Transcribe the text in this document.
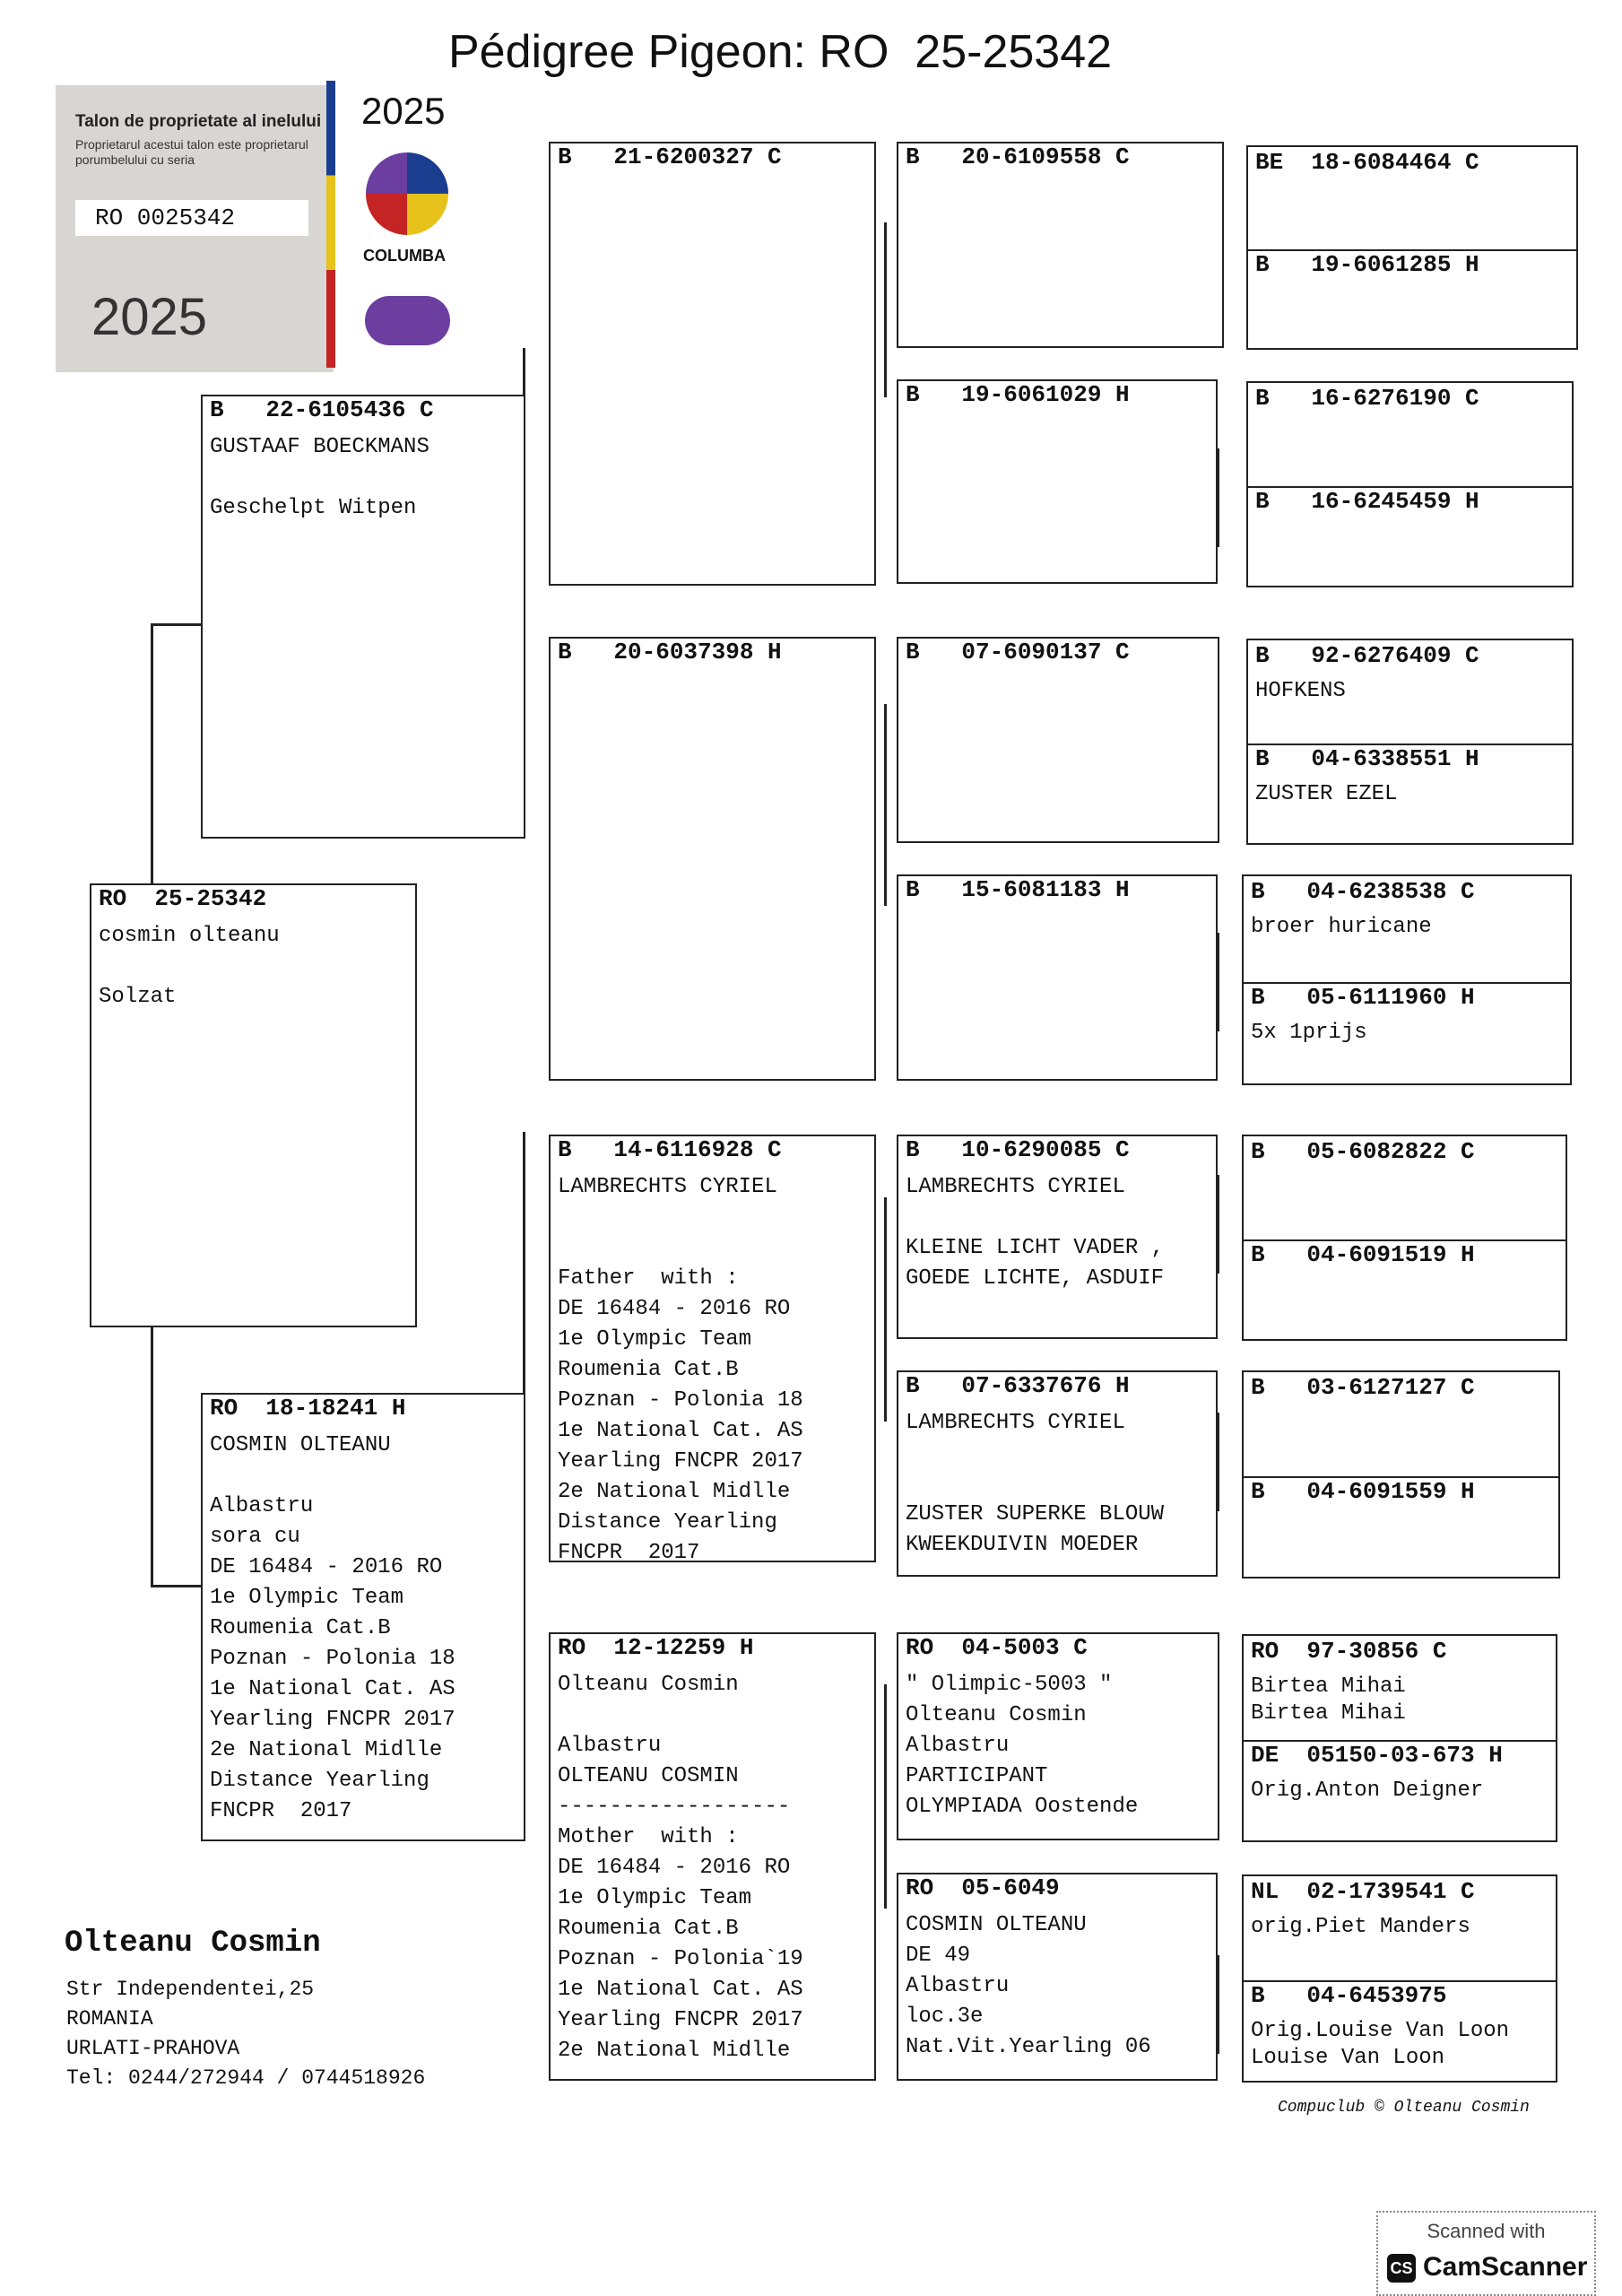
Pédigree Pigeon: RO  25-25342
Talon de proprietate al inelului
Proprietarul acestui talon este proprietarul porumbelului cu seria
RO 0025342
2025
2025
COLUMBA
RO  25-25342
cosmin olteanu
Solzat
B   22-6105436 C
GUSTAAF BOECKMANS
Geschelpt Witpen
RO  18-18241 H
COSMIN OLTEANU
Albastru
sora cu
DE 16484 - 2016 RO
1e Olympic Team
Roumenia Cat.B
Poznan - Polonia 18
1e National Cat. AS
Yearling FNCPR 2017
2e National Midlle
Distance Yearling
FNCPR  2017
B   21-6200327 C
B   20-6037398 H
B   14-6116928 C
LAMBRECHTS CYRIEL
Father  with :
DE 16484 - 2016 RO
1e Olympic Team
Roumenia Cat.B
Poznan - Polonia 18
1e National Cat. AS
Yearling FNCPR 2017
2e National Midlle
Distance Yearling
FNCPR  2017
RO  12-12259 H
Olteanu Cosmin
Albastru
OLTEANU COSMIN
------------------
Mother  with :
DE 16484 - 2016 RO
1e Olympic Team
Roumenia Cat.B
Poznan - Polonia`19
1e National Cat. AS
Yearling FNCPR 2017
2e National Midlle
B   20-6109558 C
B   19-6061029 H
B   07-6090137 C
B   15-6081183 H
B   10-6290085 C
LAMBRECHTS CYRIEL
KLEINE LICHT VADER ,
GOEDE LICHTE, ASDUIF
B   07-6337676 H
LAMBRECHTS CYRIEL
ZUSTER SUPERKE BLOUW
KWEEKDUIVIN MOEDER
RO  04-5003 C
" Olimpic-5003 "
Olteanu Cosmin
Albastru
PARTICIPANT
OLYMPIADA Oostende
RO  05-6049
COSMIN OLTEANU
DE 49
Albastru
loc.3e
Nat.Vit.Yearling 06
BE  18-6084464 C
B   19-6061285 H
B   16-6276190 C
B   16-6245459 H
B   92-6276409 C
HOFKENS
B   04-6338551 H
ZUSTER EZEL
B   04-6238538 C
broer huricane
B   05-6111960 H
5x 1prijs
B   05-6082822 C
B   04-6091519 H
B   03-6127127 C
B   04-6091559 H
RO  97-30856 C
Birtea Mihai
Birtea Mihai
DE  05150-03-673 H
Orig.Anton Deigner
NL  02-1739541 C
orig.Piet Manders
B   04-6453975
Orig.Louise Van Loon
Louise Van Loon
Olteanu Cosmin
Str Independentei,25
ROMANIA
URLATI-PRAHOVA
Tel: 0244/272944 / 0744518926
Compuclub © Olteanu Cosmin
Scanned with
CS CamScanner
